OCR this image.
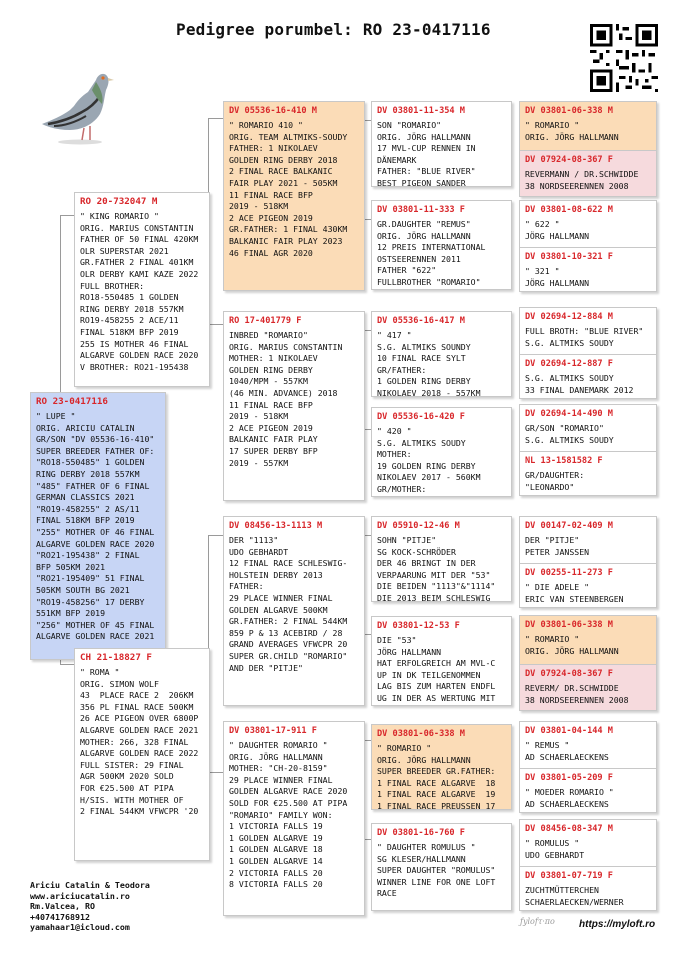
Pedigree porumbel: RO 23-0417116
RO 23-0417116
" LUPE "
ORIG. ARICIU CATALIN
GR/SON "DV 05536-16-410"
SUPER BREEDER FATHER OF:
"RO18-550485" 1 GOLDEN
RING DERBY 2018 557KM
"485" FATHER OF 6 FINAL
GERMAN CLASSICS 2021
"RO19-458255" 2 AS/11
FINAL 518KM BFP 2019
"255" MOTHER OF 46 FINAL
ALGARVE GOLDEN RACE 2020
"RO21-195438" 2 FINAL
BFP 505KM 2021
"RO21-195409" 51 FINAL
505KM SOUTH BG 2021
"RO19-458256" 17 DERBY
551KM BFP 2019
"256" MOTHER OF 45 FINAL
ALGARVE GOLDEN RACE 2021
RO 20-732047 M
" KING ROMARIO "
ORIG. MARIUS CONSTANTIN
FATHER OF 50 FINAL 420KM
OLR SUPERSTAR 2021
GR.FATHER 2 FINAL 401KM
OLR DERBY KAMI KAZE 2022
FULL BROTHER:
RO18-550485 1 GOLDEN
RING DERBY 2018 557KM
RO19-458255 2 ACE/11
FINAL 518KM BFP 2019
255 IS MOTHER 46 FINAL
ALGARVE GOLDEN RACE 2020
V BROTHER: RO21-195438
CH 21-18827 F
" ROMA "
ORIG. SIMON WOLF
43  PLACE RACE 2  206KM
356 PL FINAL RACE 500KM
26 ACE PIGEON OVER 6800P
ALGARVE GOLDEN RACE 2021
MOTHER: 266, 328 FINAL
ALGARVE GOLDEN RACE 2022
FULL SISTER: 29 FINAL
AGR 500KM 2020 SOLD
FOR €25.500 AT PIPA
H/SIS. WITH MOTHER OF
2 FINAL 544KM VFWCPR '20
DV 05536-16-410 M
" ROMARIO 410 "
ORIG. TEAM ALTMIKS-SOUDY
FATHER: 1 NIKOLAEV
GOLDEN RING DERBY 2018
2 FINAL RACE BALKANIC
FAIR PLAY 2021 - 505KM
11 FINAL RACE BFP
2019 - 518KM
2 ACE PIGEON 2019
GR.FATHER: 1 FINAL 430KM
BALKANIC FAIR PLAY 2023
46 FINAL AGR 2020
RO 17-401779 F
INBRED "ROMARIO"
ORIG. MARIUS CONSTANTIN
MOTHER: 1 NIKOLAEV
GOLDEN RING DERBY
1040/MPM - 557KM
(46 MIN. ADVANCE) 2018
11 FINAL RACE BFP
2019 - 518KM
2 ACE PIGEON 2019
BALKANIC FAIR PLAY
17 SUPER DERBY BFP
2019 - 557KM
DV 08456-13-1113 M
DER "1113"
UDO GEBHARDT
12 FINAL RACE SCHLESWIG-
HOLSTEIN DERBY 2013
FATHER:
29 PLACE WINNER FINAL
GOLDEN ALGARVE 500KM
GR.FATHER: 2 FINAL 544KM
859 P & 13 ACEBIRD / 28
GRAND AVERAGES VFWCPR 20
SUPER GR.CHILD "ROMARIO"
AND DER "PITJE"
DV 03801-17-911 F
" DAUGHTER ROMARIO "
ORIG. JÖRG HALLMANN
MOTHER: "CH-20-8159"
29 PLACE WINNER FINAL
GOLDEN ALGARVE RACE 2020
SOLD FOR €25.500 AT PIPA
"ROMARIO" FAMILY WON:
1 VICTORIA FALLS 19
1 GOLDEN ALGARVE 19
1 GOLDEN ALGARVE 18
1 GOLDEN ALGARVE 14
2 VICTORIA FALLS 20
8 VICTORIA FALLS 20
DV 03801-11-354 M
SON "ROMARIO"
ORIG. JÖRG HALLMANN
17 MVL-CUP RENNEN IN
DÄNEMARK
FATHER: "BLUE RIVER"
BEST PIGEON SANDER
DV 03801-11-333 F
GR.DAUGHTER "REMUS"
ORIG. JÖRG HALLMANN
12 PREIS INTERNATIONAL
OSTSEERENNEN 2011
FATHER "622"
FULLBROTHER "ROMARIO"
DV 05536-16-417 M
" 417 "
S.G. ALTMIKS SOUNDY
10 FINAL RACE SYLT
GR/FATHER:
1 GOLDEN RING DERBY
NIKOLAEV 2018 - 557KM
DV 05536-16-420 F
" 420 "
S.G. ALTMIKS SOUDY
MOTHER:
19 GOLDEN RING DERBY
NIKOLAEV 2017 - 560KM
GR/MOTHER:
DV 05910-12-46 M
SOHN "PITJE"
SG KOCK-SCHRÖDER
DER 46 BRINGT IN DER
VERPAARUNG MIT DER "53"
DIE BEIDEN "1113"&"1114"
DIE 2013 BEIM SCHLESWIG
DV 03801-12-53 F
DIE "53"
JÖRG HALLMANN
HAT ERFOLGREICH AM MVL-C
UP IN DK TEILGENOMMEN
LAG BIS ZUM HARTEN ENDFL
UG IN DER AS WERTUNG MIT
DV 03801-06-338 M
" ROMARIO "
ORIG. JÖRG HALLMANN
SUPER BREEDER GR.FATHER:
1 FINAL RACE ALGARVE  18
1 FINAL RACE ALGARVE  19
1 FINAL RACE PREUSSEN 17
DV 03801-16-760 F
" DAUGHTER ROMULUS "
SG KLESER/HALLMANN
SUPER DAUGHTER "ROMULUS"
WINNER LINE FOR ONE LOFT
RACE
DV 03801-06-338 M
" ROMARIO "
ORIG. JÖRG HALLMANN
DV 07924-08-367 F
REVERMANN / DR.SCHWIDDE
38 NORDSEERENNEN 2008
DV 03801-08-622 M
" 622 "
JÖRG HALLMANN
DV 03801-10-321 F
" 321 "
JÖRG HALLMANN
DV 02694-12-884 M
FULL BROTH: "BLUE RIVER"
S.G. ALTMIKS SOUDY
DV 02694-12-887 F
S.G. ALTMIKS SOUDY
33 FINAL DANEMARK 2012
DV 02694-14-490 M
GR/SON "ROMARIO"
S.G. ALTMIKS SOUDY
NL 13-1581582 F
GR/DAUGHTER:
"LEONARDO"
DV 00147-02-409 M
DER "PITJE"
PETER JANSSEN
DV 00255-11-273 F
" DIE ADELE "
ERIC VAN STEENBERGEN
DV 03801-06-338 M
" ROMARIO "
ORIG. JÖRG HALLMANN
DV 07924-08-367 F
REVERM/ DR.SCHWIDDE
38 NORDSEERENNEN 2008
DV 03801-04-144 M
" REMUS "
AD SCHAERLAECKENS
DV 03801-05-209 F
" MOEDER ROMARIO "
AD SCHAERLAECKENS
DV 08456-08-347 M
" ROMULUS "
UDO GEBHARDT
DV 03801-07-719 F
ZUCHTMÜTTERCHEN
SCHAERLAECKEN/WERNER
Ariciu Catalin & Teodora
www.ariciucatalin.ro
Rm.Valcea, RO
+40741768912
yamahaar1@icloud.com
ƒylofτ·πo https://myloft.ro
